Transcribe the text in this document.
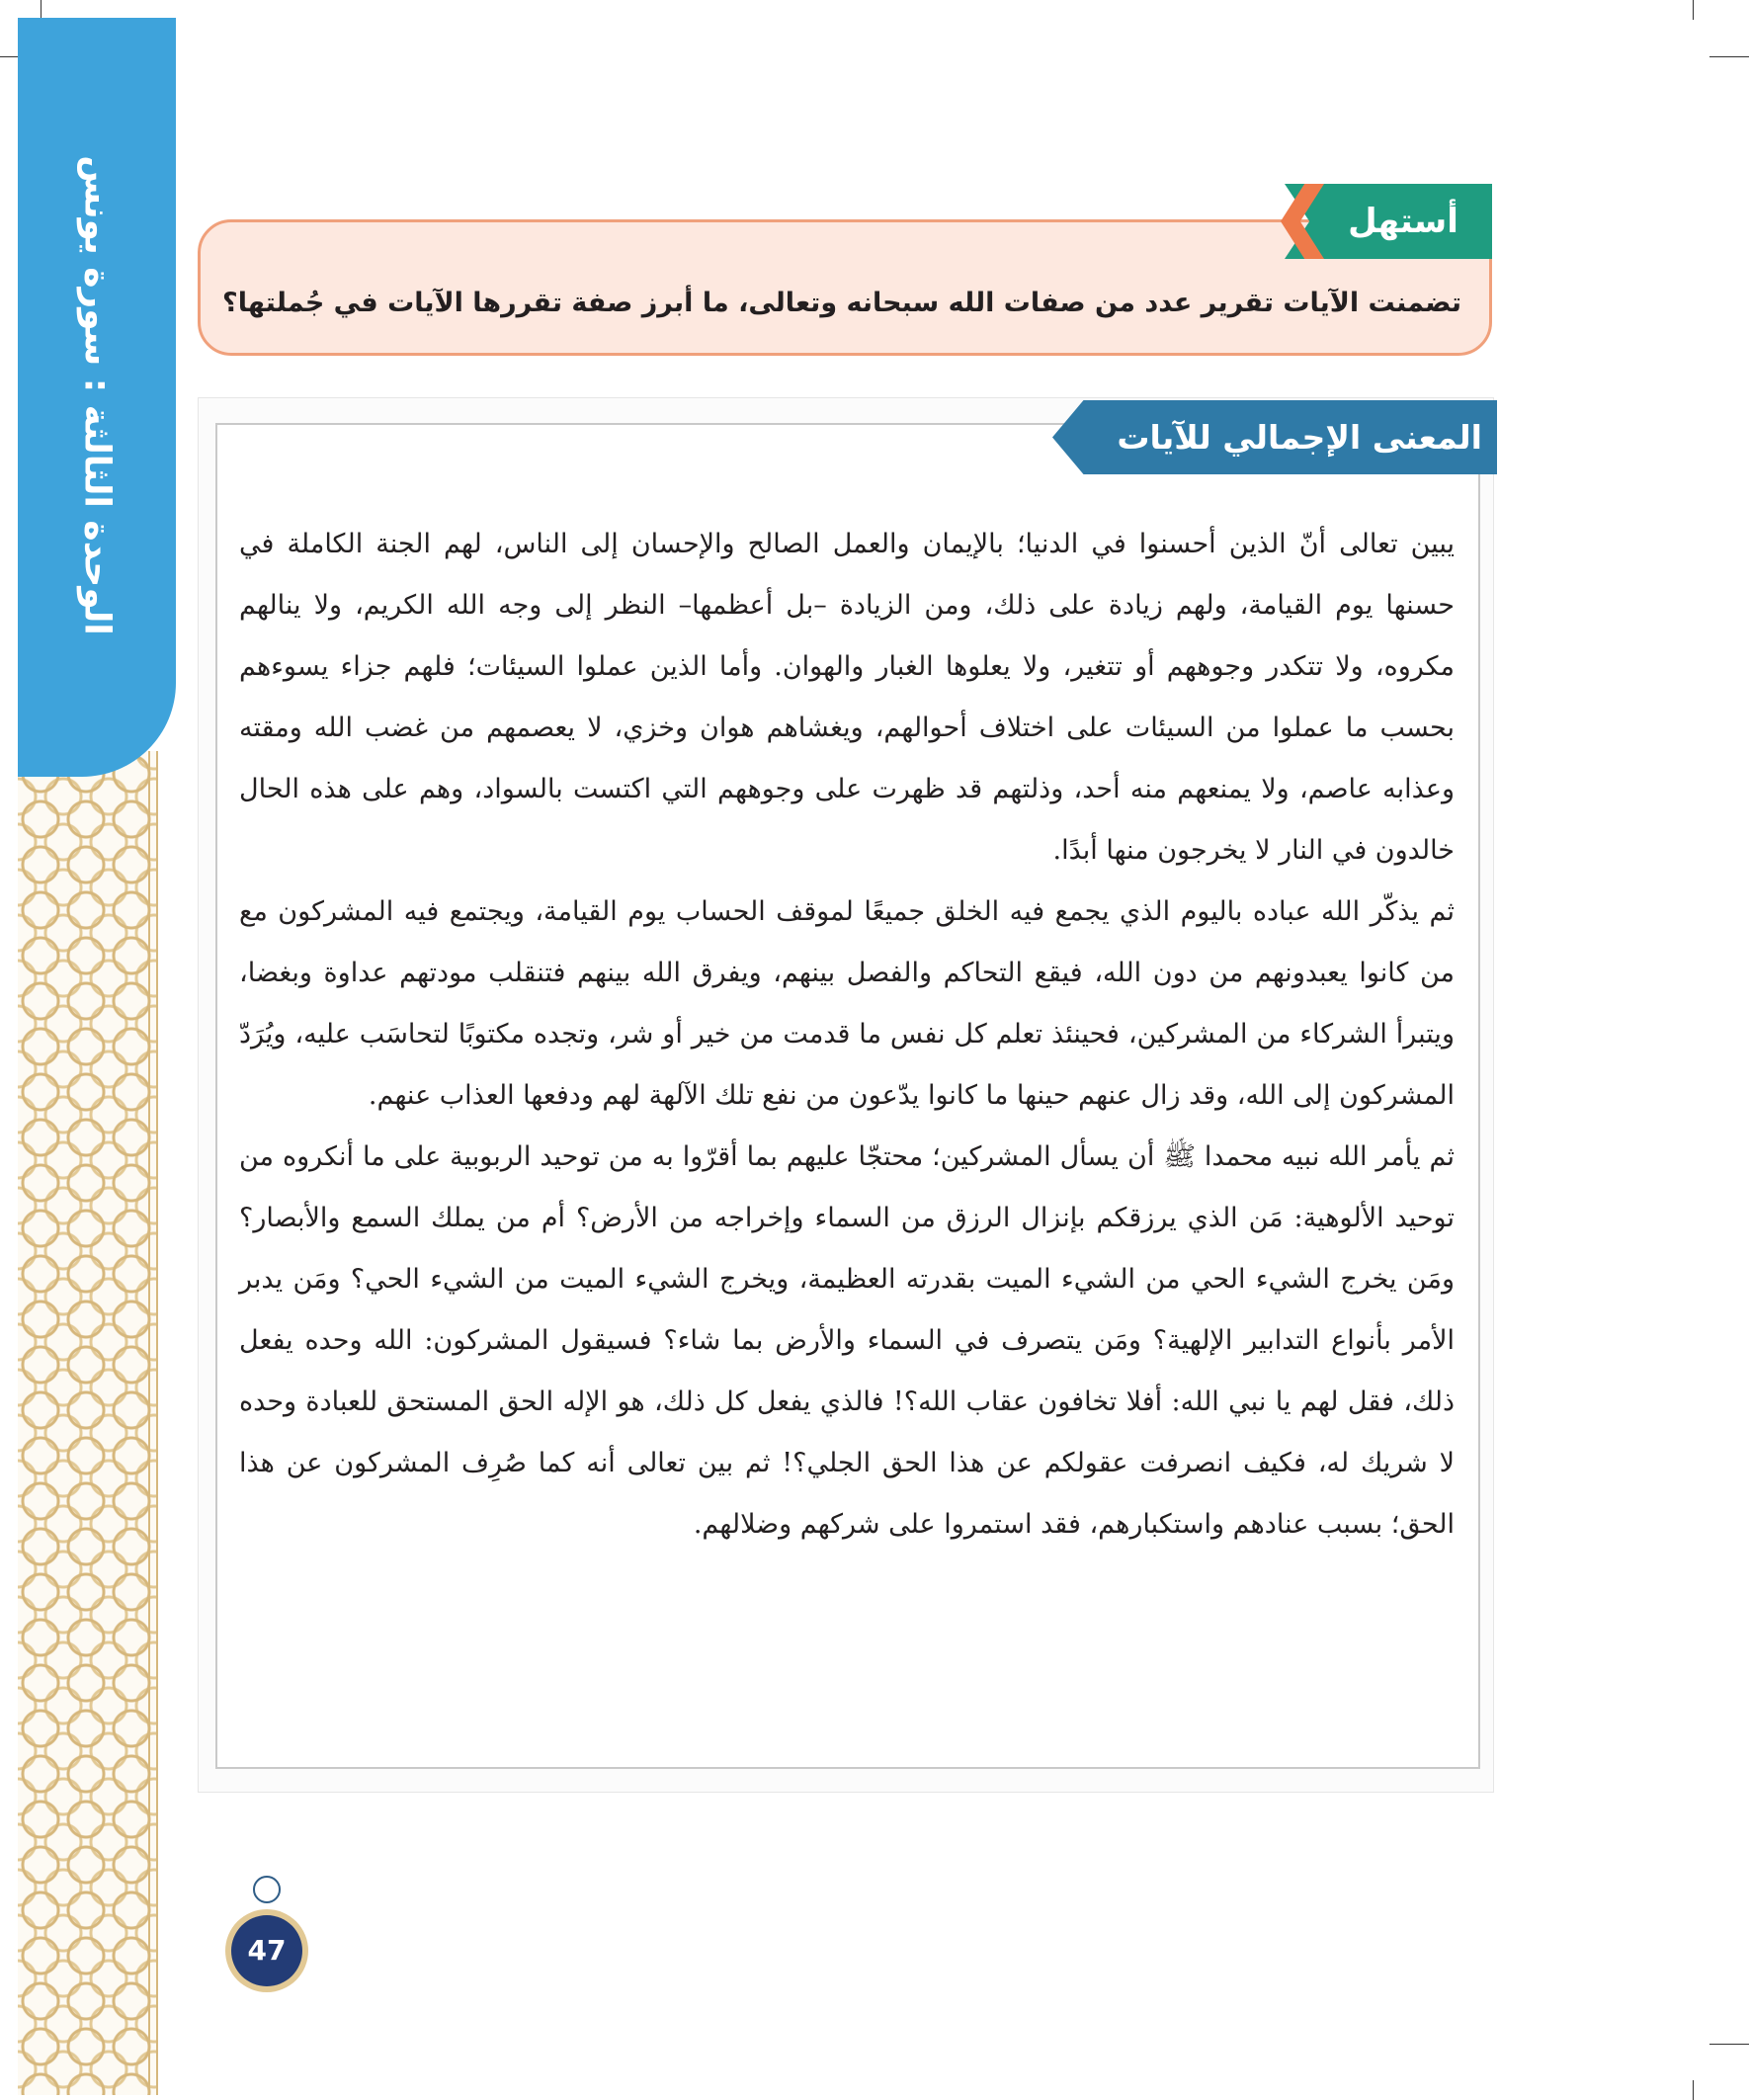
الوحدة الثالثة : سورة يونس	تضمنت الآيات تقرير عدد من صفات الله سبحانه وتعالى، ما أبرز صفة تقررها الآيات في جُملتها؟
أستهل
المعنى الإجمالي للآيات

يبين تعالى أنّ الذين أحسنوا في الدنيا؛ بالإيمان والعمل الصالح والإحسان إلى الناس، لهم الجنة الكاملة في حسنها يوم القيامة، ولهم زيادة على ذلك، ومن الزيادة –بل أعظمها– النظر إلى وجه الله الكريم، ولا ينالهم مكروه، ولا تتكدر وجوههم أو تتغير، ولا يعلوها الغبار والهوان. وأما الذين عملوا السيئات؛ فلهم جزاء يسوءهم بحسب ما عملوا من السيئات على اختلاف أحوالهم، ويغشاهم هوان وخزي، لا يعصمهم من غضب الله ومقته وعذابه عاصم، ولا يمنعهم منه أحد، وذلتهم قد ظهرت على وجوههم التي اكتست بالسواد، وهم على هذه الحال خالدون في النار لا يخرجون منها أبدًا.

ثم يذكّر الله عباده باليوم الذي يجمع فيه الخلق جميعًا لموقف الحساب يوم القيامة، ويجتمع فيه المشركون مع من كانوا يعبدونهم من دون الله، فيقع التحاكم والفصل بينهم، ويفرق الله بينهم فتنقلب مودتهم عداوة وبغضا، ويتبرأ الشركاء من المشركين، فحينئذ تعلم كل نفس ما قدمت من خير أو شر، وتجده مكتوبًا لتحاسَب عليه، ويُرَدّ المشركون إلى الله، وقد زال عنهم حينها ما كانوا يدّعون من نفع تلك الآلهة لهم ودفعها العذاب عنهم.

ثم يأمر الله نبيه محمدا ﷺ أن يسأل المشركين؛ محتجّا عليهم بما أقرّوا به من توحيد الربوبية على ما أنكروه من توحيد الألوهية: مَن الذي يرزقكم بإنزال الرزق من السماء وإخراجه من الأرض؟ أم من يملك السمع والأبصار؟ ومَن يخرج الشيء الحي من الشيء الميت بقدرته العظيمة، ويخرج الشيء الميت من الشيء الحي؟ ومَن يدبر الأمر بأنواع التدابير الإلهية؟ ومَن يتصرف في السماء والأرض بما شاء؟ فسيقول المشركون: الله وحده يفعل ذلك، فقل لهم يا نبي الله: أفلا تخافون عقاب الله؟! فالذي يفعل كل ذلك، هو الإله الحق المستحق للعبادة وحده لا شريك له، فكيف انصرفت عقولكم عن هذا الحق الجلي؟! ثم بين تعالى أنه كما صُرِف المشركون عن هذا الحق؛ بسبب عنادهم واستكبارهم، فقد استمروا على شركهم وضلالهم.

47
